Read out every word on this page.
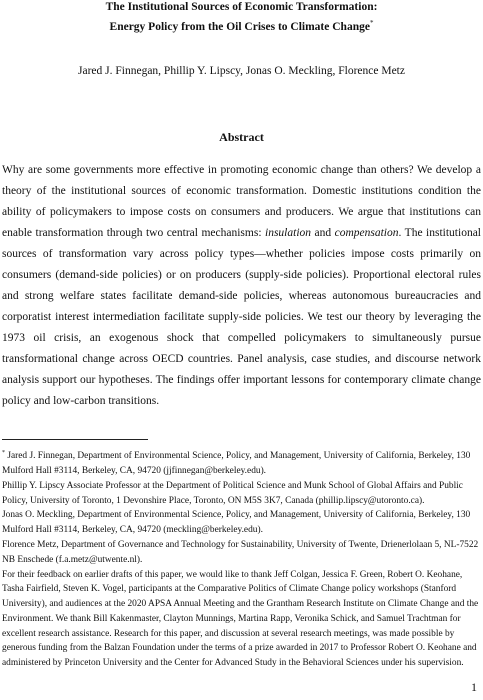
The Institutional Sources of Economic Transformation:
Energy Policy from the Oil Crises to Climate Change*
Jared J. Finnegan, Phillip Y. Lipscy, Jonas O. Meckling, Florence Metz
Abstract

Why are some governments more effective in promoting economic change than others? We develop a theory of the institutional sources of economic transformation. Domestic institutions condition the ability of policymakers to impose costs on consumers and producers. We argue that institutions can enable transformation through two central mechanisms: insulation and compensation. The institutional sources of transformation vary across policy types—whether policies impose costs primarily on consumers (demand-side policies) or on producers (supply-side policies). Proportional electoral rules and strong welfare states facilitate demand-side policies, whereas autonomous bureaucracies and corporatist interest intermediation facilitate supply-side policies. We test our theory by leveraging the 1973 oil crisis, an exogenous shock that compelled policymakers to simultaneously pursue transformational change across OECD countries. Panel analysis, case studies, and discourse network analysis support our hypotheses. The findings offer important lessons for contemporary climate change policy and low-carbon transitions.

* Jared J. Finnegan, Department of Environmental Science, Policy, and Management, University of California, Berkeley, 130 Mulford Hall #3114, Berkeley, CA, 94720 (jjfinnegan@berkeley.edu).

Phillip Y. Lipscy Associate Professor at the Department of Political Science and Munk School of Global Affairs and Public Policy, University of Toronto, 1 Devonshire Place, Toronto, ON M5S 3K7, Canada (phillip.lipscy@utoronto.ca).

Jonas O. Meckling, Department of Environmental Science, Policy, and Management, University of California, Berkeley, 130 Mulford Hall #3114, Berkeley, CA, 94720 (meckling@berkeley.edu).

Florence Metz, Department of Governance and Technology for Sustainability, University of Twente, Drienerlolaan 5, NL-7522 NB Enschede (f.a.metz@utwente.nl).

For their feedback on earlier drafts of this paper, we would like to thank Jeff Colgan, Jessica F. Green, Robert O. Keohane, Tasha Fairfield, Steven K. Vogel, participants at the Comparative Politics of Climate Change policy workshops (Stanford University), and audiences at the 2020 APSA Annual Meeting and the Grantham Research Institute on Climate Change and the Environment. We thank Bill Kakenmaster, Clayton Munnings, Martina Rapp, Veronika Schick, and Samuel Trachtman for excellent research assistance. Research for this paper, and discussion at several research meetings, was made possible by generous funding from the Balzan Foundation under the terms of a prize awarded in 2017 to Professor Robert O. Keohane and administered by Princeton University and the Center for Advanced Study in the Behavioral Sciences under his supervision.

1
